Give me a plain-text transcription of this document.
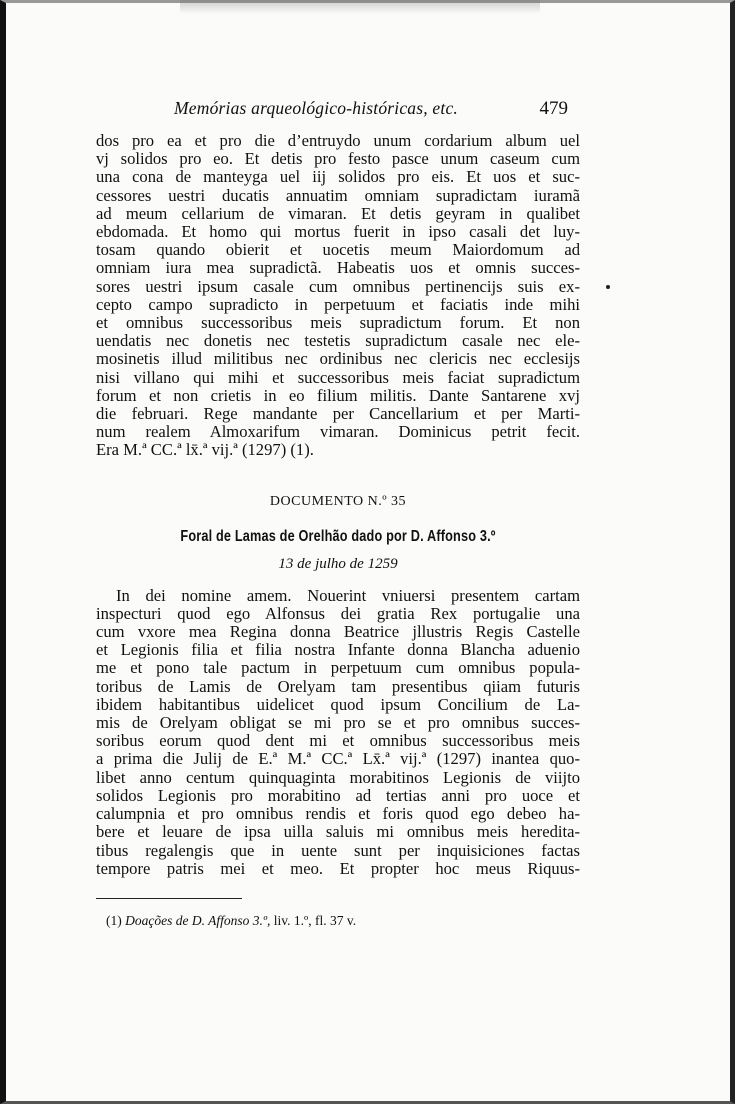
Memórias arqueológico-históricas, etc.	479
dos pro ea et pro die d’entruydo unum cordarium album uel
vj solidos pro eo. Et detis pro festo pasce unum caseum cum
una cona de manteyga uel iij solidos pro eis. Et uos et suc-
cessores uestri ducatis annuatim omniam supradictam iuramã
ad meum cellarium de vimaran. Et detis geyram in qualibet
ebdomada. Et homo qui mortus fuerit in ipso casali det luy-
tosam quando obierit et uocetis meum Maiordomum ad
omniam iura mea supradictã. Habeatis uos et omnis succes-
sores uestri ipsum casale cum omnibus pertinencijs suis ex-
cepto campo supradicto in perpetuum et faciatis inde mihi
et omnibus successoribus meis supradictum forum. Et non
uendatis nec donetis nec testetis supradictum casale nec ele-
mosinetis illud militibus nec ordinibus nec clericis nec ecclesijs
nisi villano qui mihi et successoribus meis faciat supradictum
forum et non crietis in eo filium militis. Dante Santarene xvj
die februari. Rege mandante per Cancellarium et per Marti-
num realem Almoxarifum vimaran. Dominicus petrit fecit.
Era M.ª CC.ª lx̄.ª vij.ª (1297) (1).
DOCUMENTO N.º 35
Foral de Lamas de Orelhão dado por D. Affonso 3.º
13 de julho de 1259
In dei nomine amem. Nouerint vniuersi presentem cartam
inspecturi quod ego Alfonsus dei gratia Rex portugalie una
cum vxore mea Regina donna Beatrice jllustris Regis Castelle
et Legionis filia et filia nostra Infante donna Blancha aduenio
me et pono tale pactum in perpetuum cum omnibus popula-
toribus de Lamis de Orelyam tam presentibus qiiam futuris
ibidem habitantibus uidelicet quod ipsum Concilium de La-
mis de Orelyam obligat se mi pro se et pro omnibus succes-
soribus eorum quod dent mi et omnibus successoribus meis
a prima die Julij de E.ª M.ª CC.ª Lx̄.ª vij.ª (1297) inantea quo-
libet anno centum quinquaginta morabitinos Legionis de viijto
solidos Legionis pro morabitino ad tertias anni pro uoce et
calumpnia et pro omnibus rendis et foris quod ego debeo ha-
bere et leuare de ipsa uilla saluis mi omnibus meis heredita-
tibus regalengis que in uente sunt per inquisiciones factas
tempore patris mei et meo. Et propter hoc meus Riquus-
(1) Doações de D. Affonso 3.º, liv. 1.º, fl. 37 v.
